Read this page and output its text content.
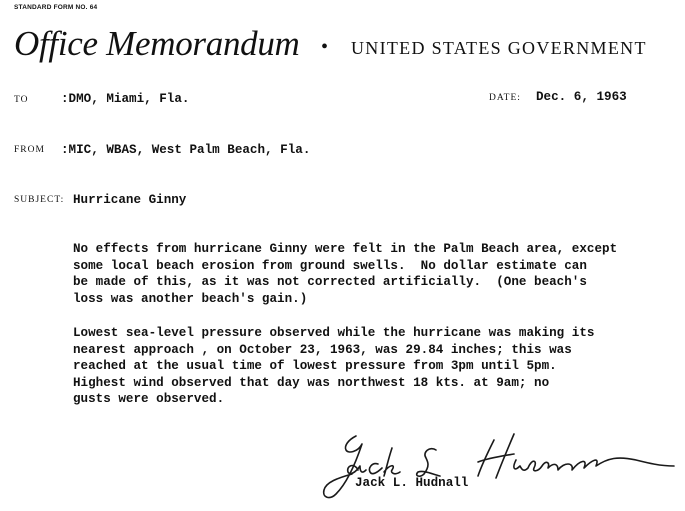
STANDARD FORM NO. 64
Office Memorandum • UNITED STATES GOVERNMENT
TO	:DMO, Miami, Fla.	DATE: Dec. 6, 1963
FROM :MIC, WBAS, West Palm Beach, Fla.
SUBJECT: Hurricane Ginny
No effects from hurricane Ginny were felt in the Palm Beach area, except
some local beach erosion from ground swells.  No dollar estimate can
be made of this, as it was not corrected artificially.  (One beach's
loss was another beach's gain.)
Lowest sea-level pressure observed while the hurricane was making its
nearest approach , on October 23, 1963, was 29.84 inches; this was
reached at the usual time of lowest pressure from 3pm until 5pm.
Highest wind observed that day was northwest 18 kts. at 9am; no
gusts were observed.
Jack L. Hudnall
